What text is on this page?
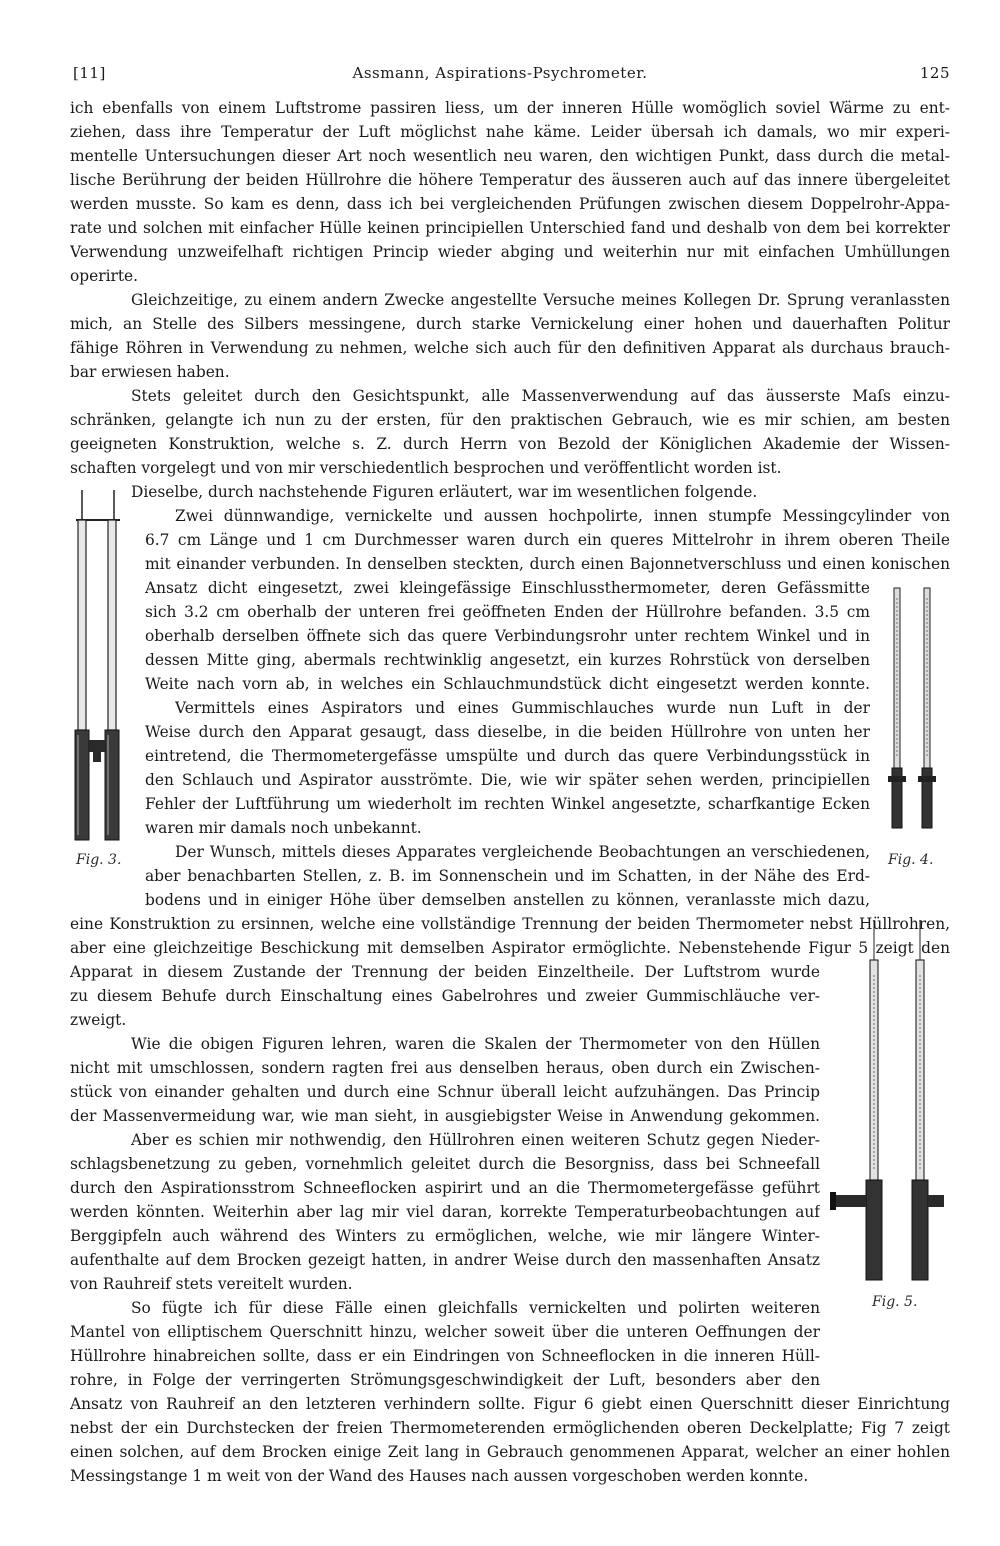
[11]	Assmann, Aspirations-Psychrometer.	125
ich ebenfalls von einem Luftstrome passiren liess, um der inneren Hülle womöglich soviel Wärme zu ent-
ziehen, dass ihre Temperatur der Luft möglichst nahe käme. Leider übersah ich damals, wo mir experi-
mentelle Untersuchungen dieser Art noch wesentlich neu waren, den wichtigen Punkt, dass durch die metal-
lische Berührung der beiden Hüllrohre die höhere Temperatur des äusseren auch auf das innere übergeleitet
werden musste. So kam es denn, dass ich bei vergleichenden Prüfungen zwischen diesem Doppelrohr-Appa-
rate und solchen mit einfacher Hülle keinen principiellen Unterschied fand und deshalb von dem bei korrekter
Verwendung unzweifelhaft richtigen Princip wieder abging und weiterhin nur mit einfachen Umhüllungen
operirte.
Gleichzeitige, zu einem andern Zwecke angestellte Versuche meines Kollegen Dr. Sprung veranlassten
mich, an Stelle des Silbers messingene, durch starke Vernickelung einer hohen und dauerhaften Politur
fähige Röhren in Verwendung zu nehmen, welche sich auch für den definitiven Apparat als durchaus brauch-
bar erwiesen haben.
Stets geleitet durch den Gesichtspunkt, alle Massenverwendung auf das äusserste Maſs einzu-
schränken, gelangte ich nun zu der ersten, für den praktischen Gebrauch, wie es mir schien, am besten
geeigneten Konstruktion, welche s. Z. durch Herrn von Bezold der Königlichen Akademie der Wissen-
schaften vorgelegt und von mir verschiedentlich besprochen und veröffentlicht worden ist.
Dieselbe, durch nachstehende Figuren erläutert, war im wesentlichen folgende.
Zwei dünnwandige, vernickelte und aussen hochpolirte, innen stumpfe Messingcylinder von
6.7 cm Länge und 1 cm Durchmesser waren durch ein queres Mittelrohr in ihrem oberen Theile
mit einander verbunden. In denselben steckten, durch einen Bajonnetverschluss und einen konischen
Ansatz dicht eingesetzt, zwei kleingefässige Einschlussthermometer, deren Gefässmitte
sich 3.2 cm oberhalb der unteren frei geöffneten Enden der Hüllrohre befanden. 3.5 cm
oberhalb derselben öffnete sich das quere Verbindungsrohr unter rechtem Winkel und in
dessen Mitte ging, abermals rechtwinklig angesetzt, ein kurzes Rohrstück von derselben
Weite nach vorn ab, in welches ein Schlauchmundstück dicht eingesetzt werden konnte.
Vermittels eines Aspirators und eines Gummischlauches wurde nun Luft in der
Weise durch den Apparat gesaugt, dass dieselbe, in die beiden Hüllrohre von unten her
eintretend, die Thermometergefässe umspülte und durch das quere Verbindungsstück in
den Schlauch und Aspirator ausströmte. Die, wie wir später sehen werden, principiellen
Fehler der Luftführung um wiederholt im rechten Winkel angesetzte, scharfkantige Ecken
waren mir damals noch unbekannt.
Der Wunsch, mittels dieses Apparates vergleichende Beobachtungen an verschiedenen,
aber benachbarten Stellen, z. B. im Sonnenschein und im Schatten, in der Nähe des Erd-
bodens und in einiger Höhe über demselben anstellen zu können, veranlasste mich dazu,
eine Konstruktion zu ersinnen, welche eine vollständige Trennung der beiden Thermometer nebst Hüllrohren,
aber eine gleichzeitige Beschickung mit demselben Aspirator ermöglichte. Nebenstehende Figur 5 zeigt den
Apparat in diesem Zustande der Trennung der beiden Einzeltheile. Der Luftstrom wurde
zu diesem Behufe durch Einschaltung eines Gabelrohres und zweier Gummischläuche ver-
zweigt.
Wie die obigen Figuren lehren, waren die Skalen der Thermometer von den Hüllen
nicht mit umschlossen, sondern ragten frei aus denselben heraus, oben durch ein Zwischen-
stück von einander gehalten und durch eine Schnur überall leicht aufzuhängen. Das Princip
der Massenvermeidung war, wie man sieht, in ausgiebigster Weise in Anwendung gekommen.
Aber es schien mir nothwendig, den Hüllrohren einen weiteren Schutz gegen Nieder-
schlagsbenetzung zu geben, vornehmlich geleitet durch die Besorgniss, dass bei Schneefall
durch den Aspirationsstrom Schneeflocken aspirirt und an die Thermometergefässe geführt
werden könnten. Weiterhin aber lag mir viel daran, korrekte Temperaturbeobachtungen auf
Berggipfeln auch während des Winters zu ermöglichen, welche, wie mir längere Winter-
aufenthalte auf dem Brocken gezeigt hatten, in andrer Weise durch den massenhaften Ansatz
von Rauhreif stets vereitelt wurden.
So fügte ich für diese Fälle einen gleichfalls vernickelten und polirten weiteren
Mantel von elliptischem Querschnitt hinzu, welcher soweit über die unteren Oeffnungen der
Hüllrohre hinabreichen sollte, dass er ein Eindringen von Schneeflocken in die inneren Hüll-
rohre, in Folge der verringerten Strömungsgeschwindigkeit der Luft, besonders aber den
Ansatz von Rauhreif an den letzteren verhindern sollte. Figur 6 giebt einen Querschnitt dieser Einrichtung
nebst der ein Durchstecken der freien Thermometerenden ermöglichenden oberen Deckelplatte; Fig 7 zeigt
einen solchen, auf dem Brocken einige Zeit lang in Gebrauch genommenen Apparat, welcher an einer hohlen
Messingstange 1 m weit von der Wand des Hauses nach aussen vorgeschoben werden konnte.
Fig. 3.	Fig. 4.
Fig. 5.
